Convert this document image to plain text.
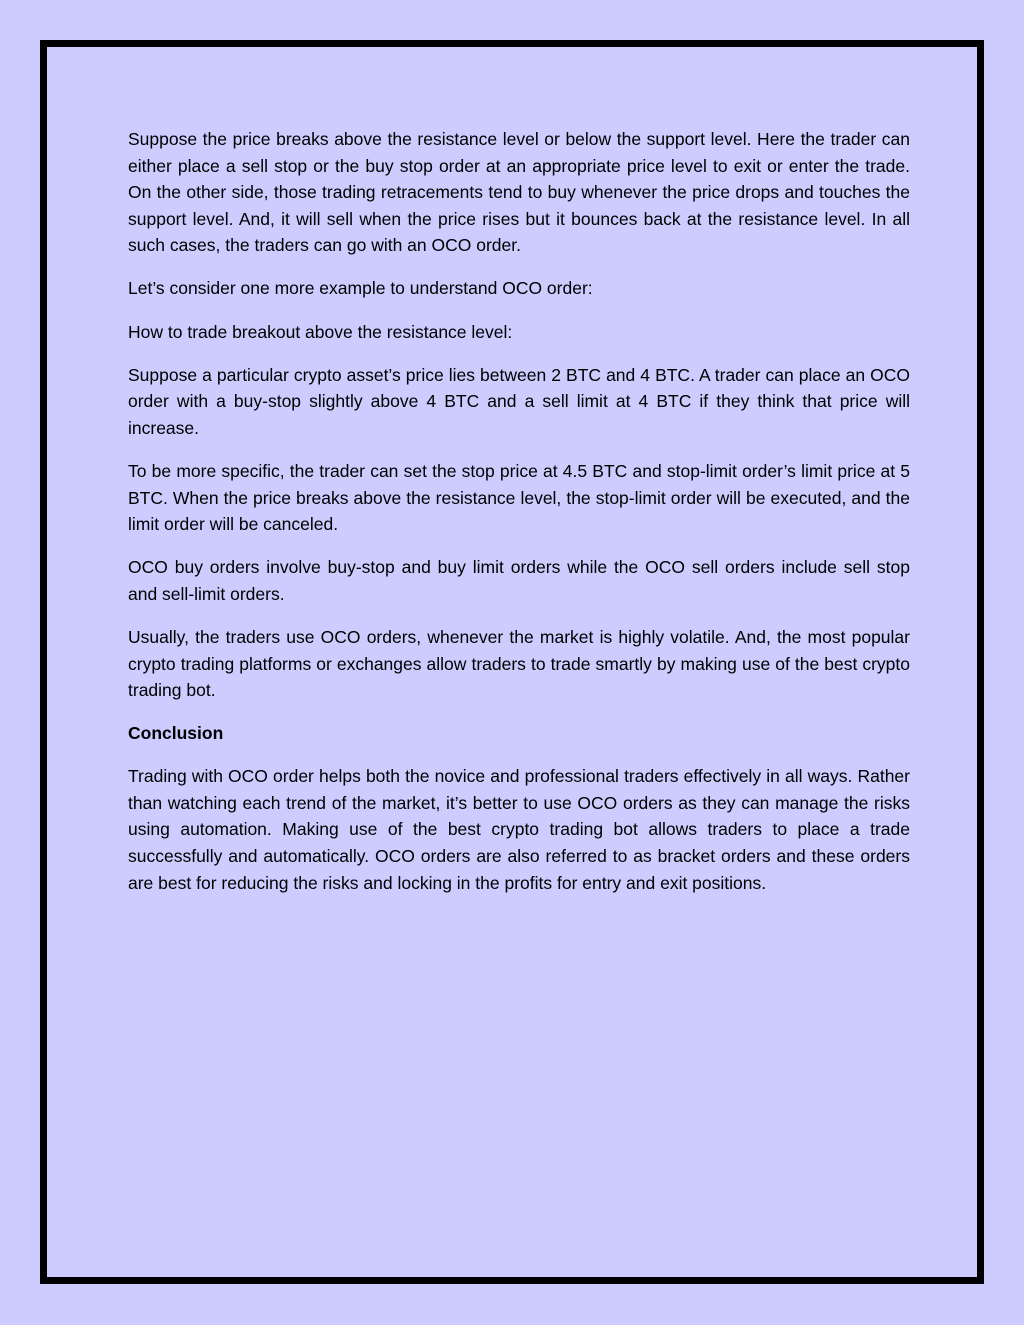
Suppose the price breaks above the resistance level or below the support level. Here the trader can either place a sell stop or the buy stop order at an appropriate price level to exit or enter the trade. On the other side, those trading retracements tend to buy whenever the price drops and touches the support level. And, it will sell when the price rises but it bounces back at the resistance level. In all such cases, the traders can go with an OCO order.

Let’s consider one more example to understand OCO order:

How to trade breakout above the resistance level:

Suppose a particular crypto asset’s price lies between 2 BTC and 4 BTC. A trader can place an OCO order with a buy-stop slightly above 4 BTC and a sell limit at 4 BTC if they think that price will increase.

To be more specific, the trader can set the stop price at 4.5 BTC and stop-limit order’s limit price at 5 BTC. When the price breaks above the resistance level, the stop-limit order will be executed, and the limit order will be canceled.

OCO buy orders involve buy-stop and buy limit orders while the OCO sell orders include sell stop and sell-limit orders.

Usually, the traders use OCO orders, whenever the market is highly volatile. And, the most popular crypto trading platforms or exchanges allow traders to trade smartly by making use of the best crypto trading bot.

Conclusion

Trading with OCO order helps both the novice and professional traders effectively in all ways. Rather than watching each trend of the market, it’s better to use OCO orders as they can manage the risks using automation. Making use of the best crypto trading bot allows traders to place a trade successfully and automatically. OCO orders are also referred to as bracket orders and these orders are best for reducing the risks and locking in the profits for entry and exit positions.
